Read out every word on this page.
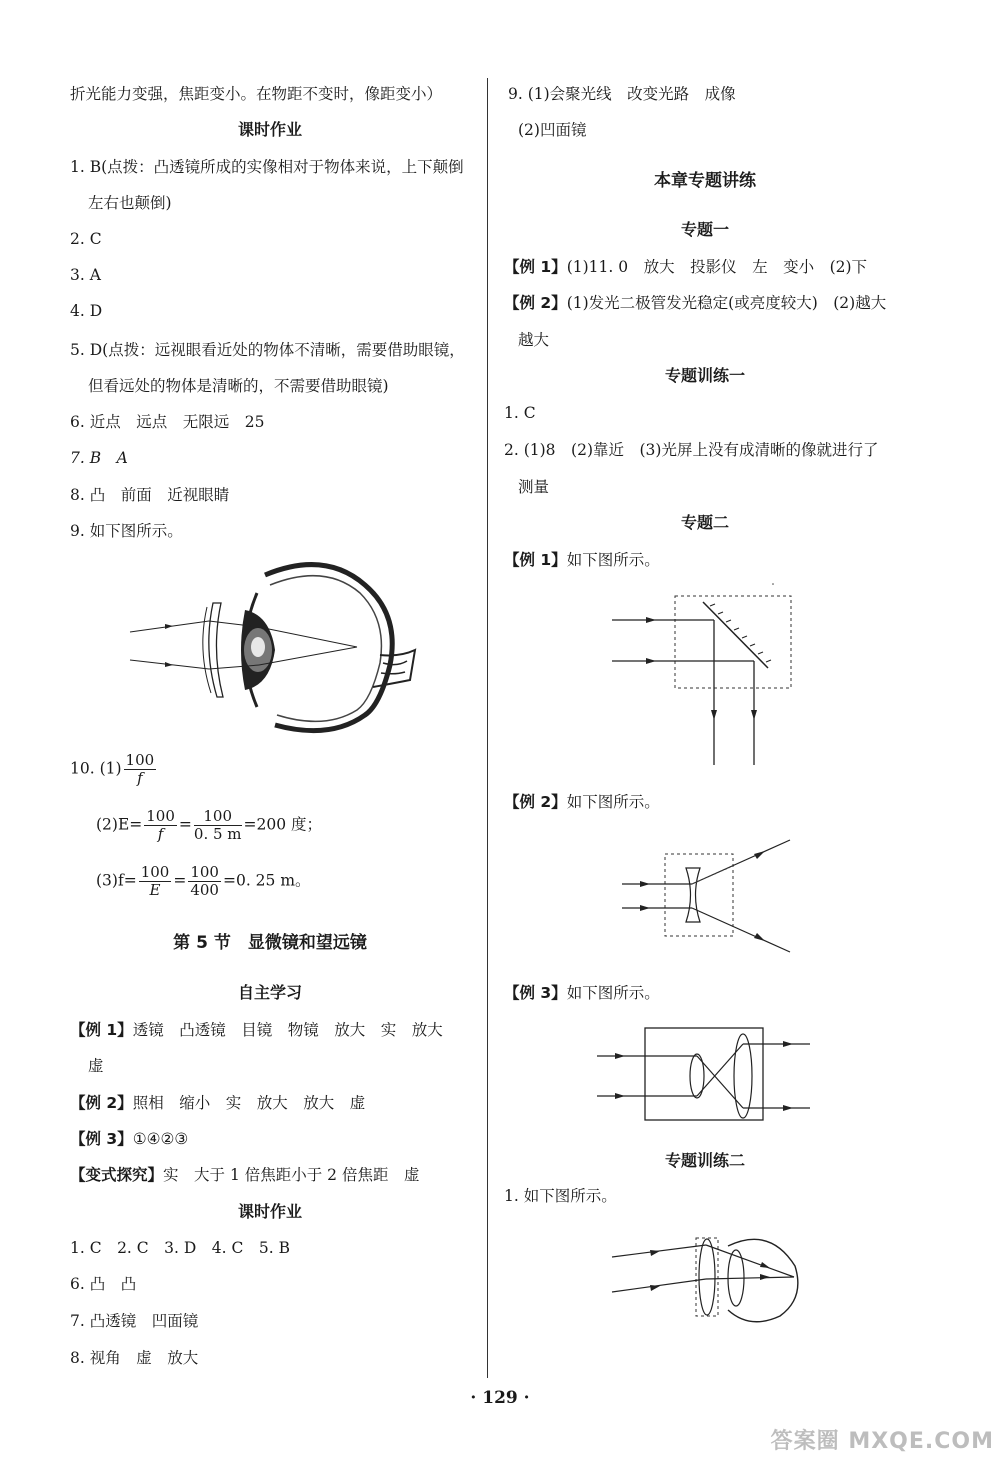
折光能力变强，焦距变小。在物距不变时，像距变小）
课时作业
1. B(点拨：凸透镜所成的实像相对于物体来说，上下颠倒
左右也颠倒)
2. C
3. A
4. D
5. D(点拨：远视眼看近处的物体不清晰，需要借助眼镜，
但看远处的物体是清晰的，不需要借助眼镜)
6. 近点　远点　无限远　25
7. B　A
8. 凸　前面　近视眼睛
9. 如下图所示。
10. $(1) \frac{100}{f}$
$(2)E= \frac{100}{f} = \frac{100}{0. 5 m} =200$ 度；
$(3)f= \frac{100}{E} = \frac{100}{400} =0$. 25 m。
第 5 节　显微镜和望远镜
自主学习
【例 1】透镜　凸透镜　目镜　物镜　放大　实　放大
虚
【例 2】照相　缩小　实　放大　放大　虚
【例 3】①④②③
【变式探究】实　大于 1 倍焦距小于 2 倍焦距　虚
课时作业
1. C　2. C　3. D　4. C　5. B
6. 凸　凸
7. 凸透镜　凹面镜
8. 视角　虚　放大
9. (1)会聚光线　改变光路　成像
(2)凹面镜
本章专题讲练
专题一
【例 1】(1)11. 0　放大　投影仪　左　变小　(2)下
【例 2】(1)发光二极管发光稳定(或亮度较大)　(2)越大
越大
专题训练一
1. C
2. (1)8　(2)靠近　(3)光屏上没有成清晰的像就进行了
测量
专题二
【例 1】如下图所示。
【例 2】如下图所示。
【例 3】如下图所示。
专题训练二
1. 如下图所示。
· 129 ·
答案圈 MXQE.COM
